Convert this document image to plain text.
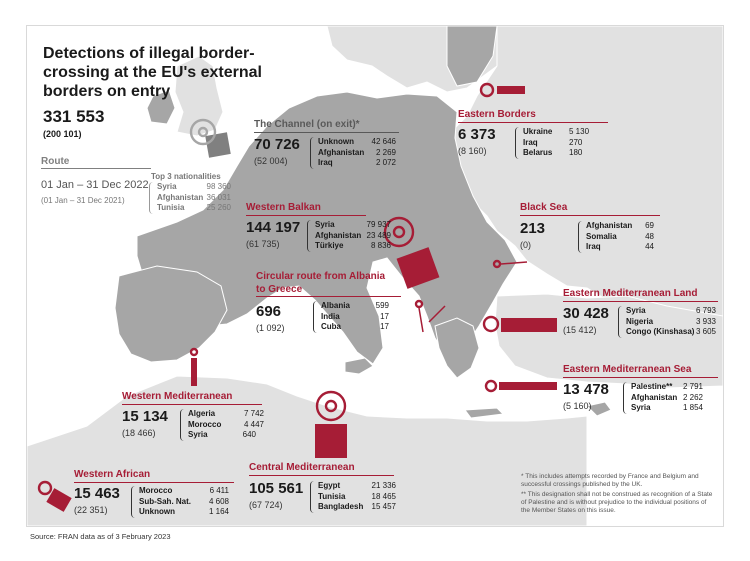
Detections of illegal border-crossing at the EU's external borders on entry
331 553
(200 101)
Route
01 Jan – 31 Dec 2022
(01 Jan – 31 Dec 2021)
Top 3 nationalities
Syria	98 360
Afghanistan 36 031
Tunisia	25 260
The Channel (on exit)*
70 726
(52 004)
Unknown 42 646
Afghanistan 2 269
Iraq	2 072
Eastern Borders
6 373
(8 160)
Ukraine 5 130
Iraq	270
Belarus 180
Western Balkan
144 197
(61 735)
Syria	79 937
Afghanistan 23 489
Türkiye	8 836
Black Sea
213
(0)
Afghanistan 69
Somalia	48
Iraq	44
Circular route from Albania to Greece
696
(1 092)
Albania	599
India	17
Cuba	17
Eastern Mediterranean Land
30 428
(15 412)
Syria	6 793
Nigeria	3 933
Congo (Kinshasa) 3 605
Eastern Mediterranean Sea
13 478
(5 160)
Palestine** 2 791
Afghanistan 2 262
Syria	1 854
Western Mediterranean
15 134
(18 466)
Algeria	7 742
Morocco	4 447
Syria	640
Central Mediterranean
105 561
(67 724)
Egypt	21 336
Tunisia	18 465
Bangladesh 15 457
Western African
15 463
(22 351)
Morocco	6 411
Sub-Sah. Nat. 4 608
Unknown	1 164

* This includes attempts recorded by France and Belgium and successful crossings published by the UK.

** This designation shall not be construed as recognition of a State of Palestine and is without prejudice to the individual positions of the Member States on this issue.

Source: FRAN data as of 3 February 2023
